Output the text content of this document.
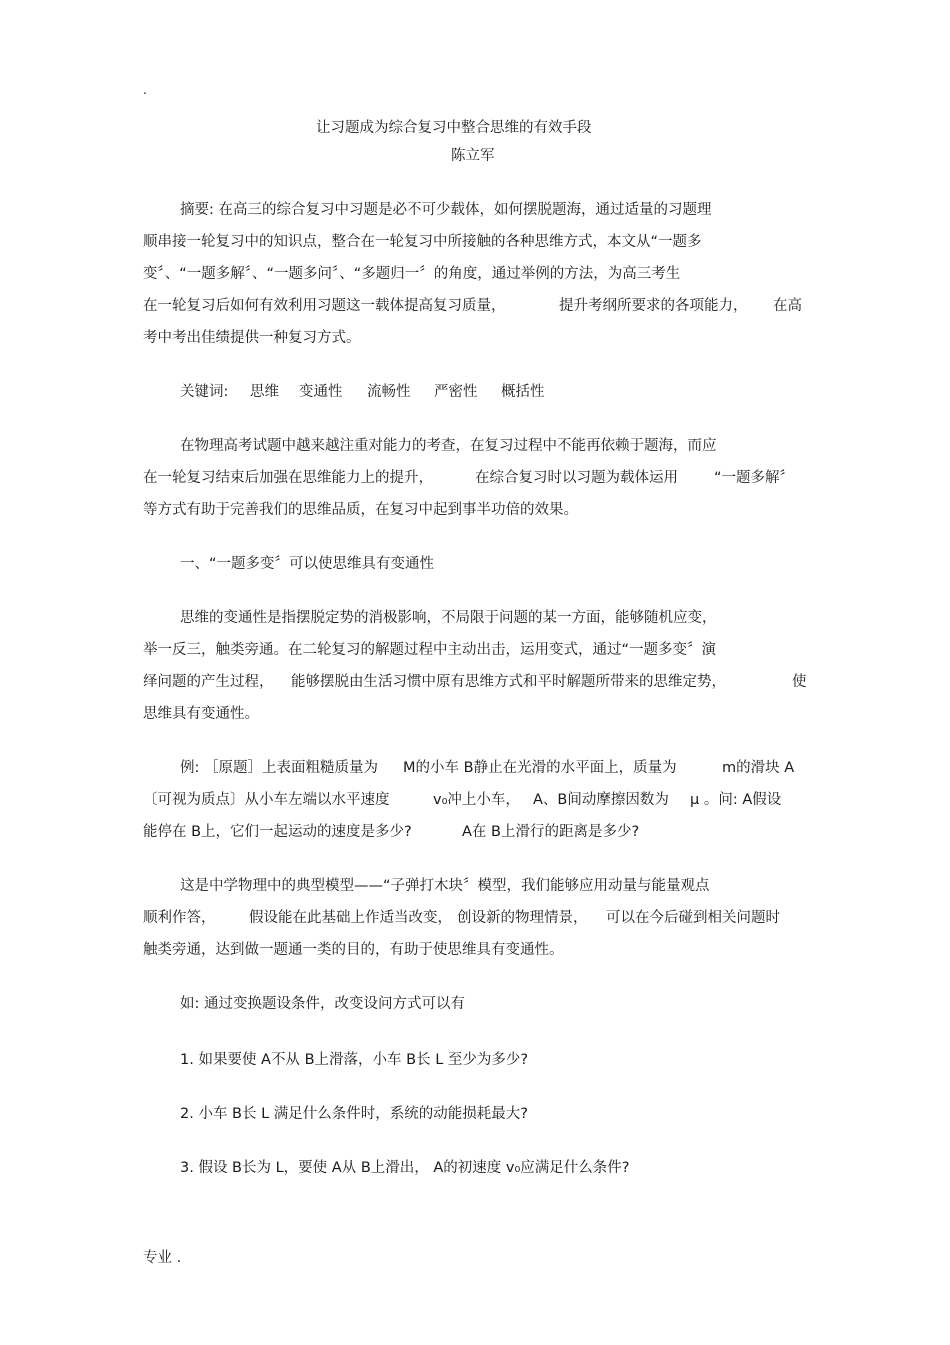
.
让习题成为综合复习中整合思维的有效手段
陈立军
摘要: 在高三的综合复习中习题是必不可少载体，如何摆脱题海，通过适量的习题理
顺串接一轮复习中的知识点，整合在一轮复习中所接触的各种思维方式，本文从“一题多
变〞、“一题多解〞、“一题多问〞、“多题归一〞的角度，通过举例的方法，为高三考生
在一轮复习后如何有效利用习题这一载体提高复习质量，	提升考纲所要求的各项能力， 在高
考中考出佳绩提供一种复习方式。
关键词: 思维 变通性 流畅性 严密性 概括性
在物理高考试题中越来越注重对能力的考查，在复习过程中不能再依赖于题海，而应
在一轮复习结束后加强在思维能力上的提升，	在综合复习时以习题为载体运用 “一题多解〞
等方式有助于完善我们的思维品质，在复习中起到事半功倍的效果。
一、“一题多变〞可以使思维具有变通性
思维的变通性是指摆脱定势的消极影响，不局限于问题的某一方面，能够随机应变，
举一反三，触类旁通。在二轮复习的解题过程中主动出击，运用变式，通过“一题多变〞演
绎问题的产生过程， 能够摆脱由生活习惯中原有思维方式和平时解题所带来的思维定势，	使
思维具有变通性。
例: ［原题］上表面粗糙质量为 M的小车 B静止在光滑的水平面上，质量为	m的滑块 A
〔可视为质点〕从小车左端以水平速度	v₀冲上小车， A、B间动摩擦因数为 μ 。问: A假设
能停在 B上，它们一起运动的速度是多少?	A在 B上滑行的距离是多少?
这是中学物理中的典型模型——“子弹打木块〞模型，我们能够应用动量与能量观点
顺利作答， 假设能在此基础上作适当改变， 创设新的物理情景， 可以在今后碰到相关问题时
触类旁通，达到做一题通一类的目的，有助于使思维具有变通性。
如: 通过变换题设条件，改变设问方式可以有
1. 如果要使 A不从 B上滑落，小车 B长 L 至少为多少?
2. 小车 B长 L 满足什么条件时，系统的动能损耗最大?
3. 假设 B长为 L，要使 A从 B上滑出， A的初速度 v₀应满足什么条件?
专业 .
